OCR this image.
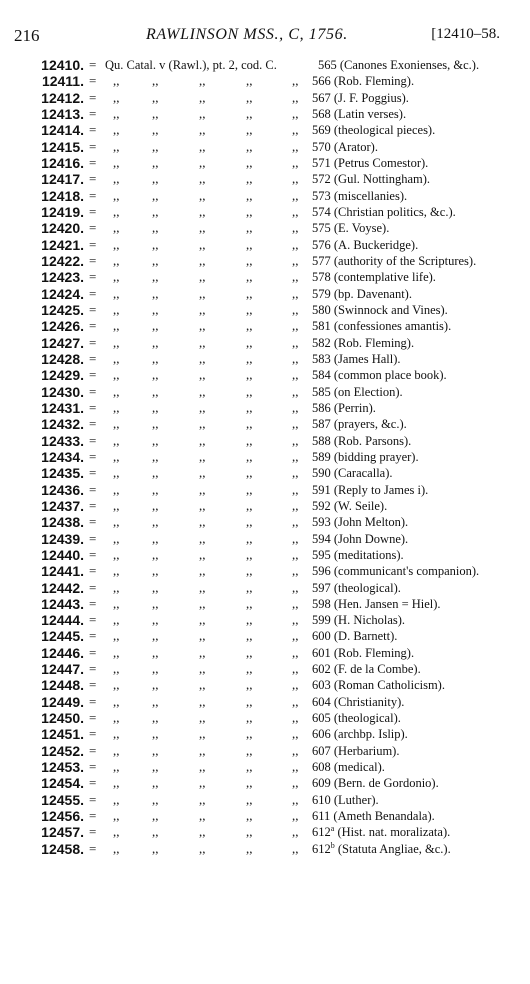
216	RAWLINSON MSS., C, 1756.	[12410–58.
12410. = Qu. Catal. v (Rawl.), pt. 2, cod. C.	565 (Canones Exonienses, &c.).
12411. = ,,	,,	,,	,,	,, 566 (Rob. Fleming).
12412. = ,,	,,	,,	,,	,, 567 (J. F. Poggius).
12413. = ,,	,,	,,	,,	,, 568 (Latin verses).
12414. = ,,	,,	,,	,,	,, 569 (theological pieces).
12415. = ,,	,,	,,	,,	,, 570 (Arator).
12416. = ,,	,,	,,	,,	,, 571 (Petrus Comestor).
12417. = ,,	,,	,,	,,	,, 572 (Gul. Nottingham).
12418. = ,,	,,	,,	,,	,, 573 (miscellanies).
12419. = ,,	,,	,,	,,	,, 574 (Christian politics, &c.).
12420. = ,,	,,	,,	,,	,, 575 (E. Voyse).
12421. = ,,	,,	,,	,,	,, 576 (A. Buckeridge).
12422. = ,,	,,	,,	,,	,, 577 (authority of the Scriptures).
12423. = ,,	,,	,,	,,	,, 578 (contemplative life).
12424. = ,,	,,	,,	,,	,, 579 (bp. Davenant).
12425. = ,,	,,	,,	,,	,, 580 (Swinnock and Vines).
12426. = ,,	,,	,,	,,	,, 581 (confessiones amantis).
12427. = ,,	,,	,,	,,	,, 582 (Rob. Fleming).
12428. = ,,	,,	,,	,,	,, 583 (James Hall).
12429. = ,,	,,	,,	,,	,, 584 (common place book).
12430. = ,,	,,	,,	,,	,, 585 (on Election).
12431. = ,,	,,	,,	,,	,, 586 (Perrin).
12432. = ,,	,,	,,	,,	,, 587 (prayers, &c.).
12433. = ,,	,,	,,	,,	,, 588 (Rob. Parsons).
12434. = ,,	,,	,,	,,	,, 589 (bidding prayer).
12435. = ,,	,,	,,	,,	,, 590 (Caracalla).
12436. = ,,	,,	,,	,,	,, 591 (Reply to James i).
12437. = ,,	,,	,,	,,	,, 592 (W. Seile).
12438. = ,,	,,	,,	,,	,, 593 (John Melton).
12439. = ,,	,,	,,	,,	,, 594 (John Downe).
12440. = ,,	,,	,,	,,	,, 595 (meditations).
12441. = ,,	,,	,,	,,	,, 596 (communicant's companion).
12442. = ,,	,,	,,	,,	,, 597 (theological).
12443. = ,,	,,	,,	,,	,, 598 (Hen. Jansen = Hiel).
12444. = ,,	,,	,,	,,	,, 599 (H. Nicholas).
12445. = ,,	,,	,,	,,	,, 600 (D. Barnett).
12446. = ,,	,,	,,	,,	,, 601 (Rob. Fleming).
12447. = ,,	,,	,,	,,	,, 602 (F. de la Combe).
12448. = ,,	,,	,,	,,	,, 603 (Roman Catholicism).
12449. = ,,	,,	,,	,,	,, 604 (Christianity).
12450. = ,,	,,	,,	,,	,, 605 (theological).
12451. = ,,	,,	,,	,,	,, 606 (archbp. Islip).
12452. = ,,	,,	,,	,,	,, 607 (Herbarium).
12453. = ,,	,,	,,	,,	,, 608 (medical).
12454. = ,,	,,	,,	,,	,, 609 (Bern. de Gordonio).
12455. = ,,	,,	,,	,,	,, 610 (Luther).
12456. = ,,	,,	,,	,,	,, 611 (Ameth Benandala).
12457. = ,,	,,	,,	,,	,, 612$^a$ (Hist. nat. moralizata).
12458. = ,,	,,	,,	,,	,, 612$^b$ (Statuta Angliae, &c.).
